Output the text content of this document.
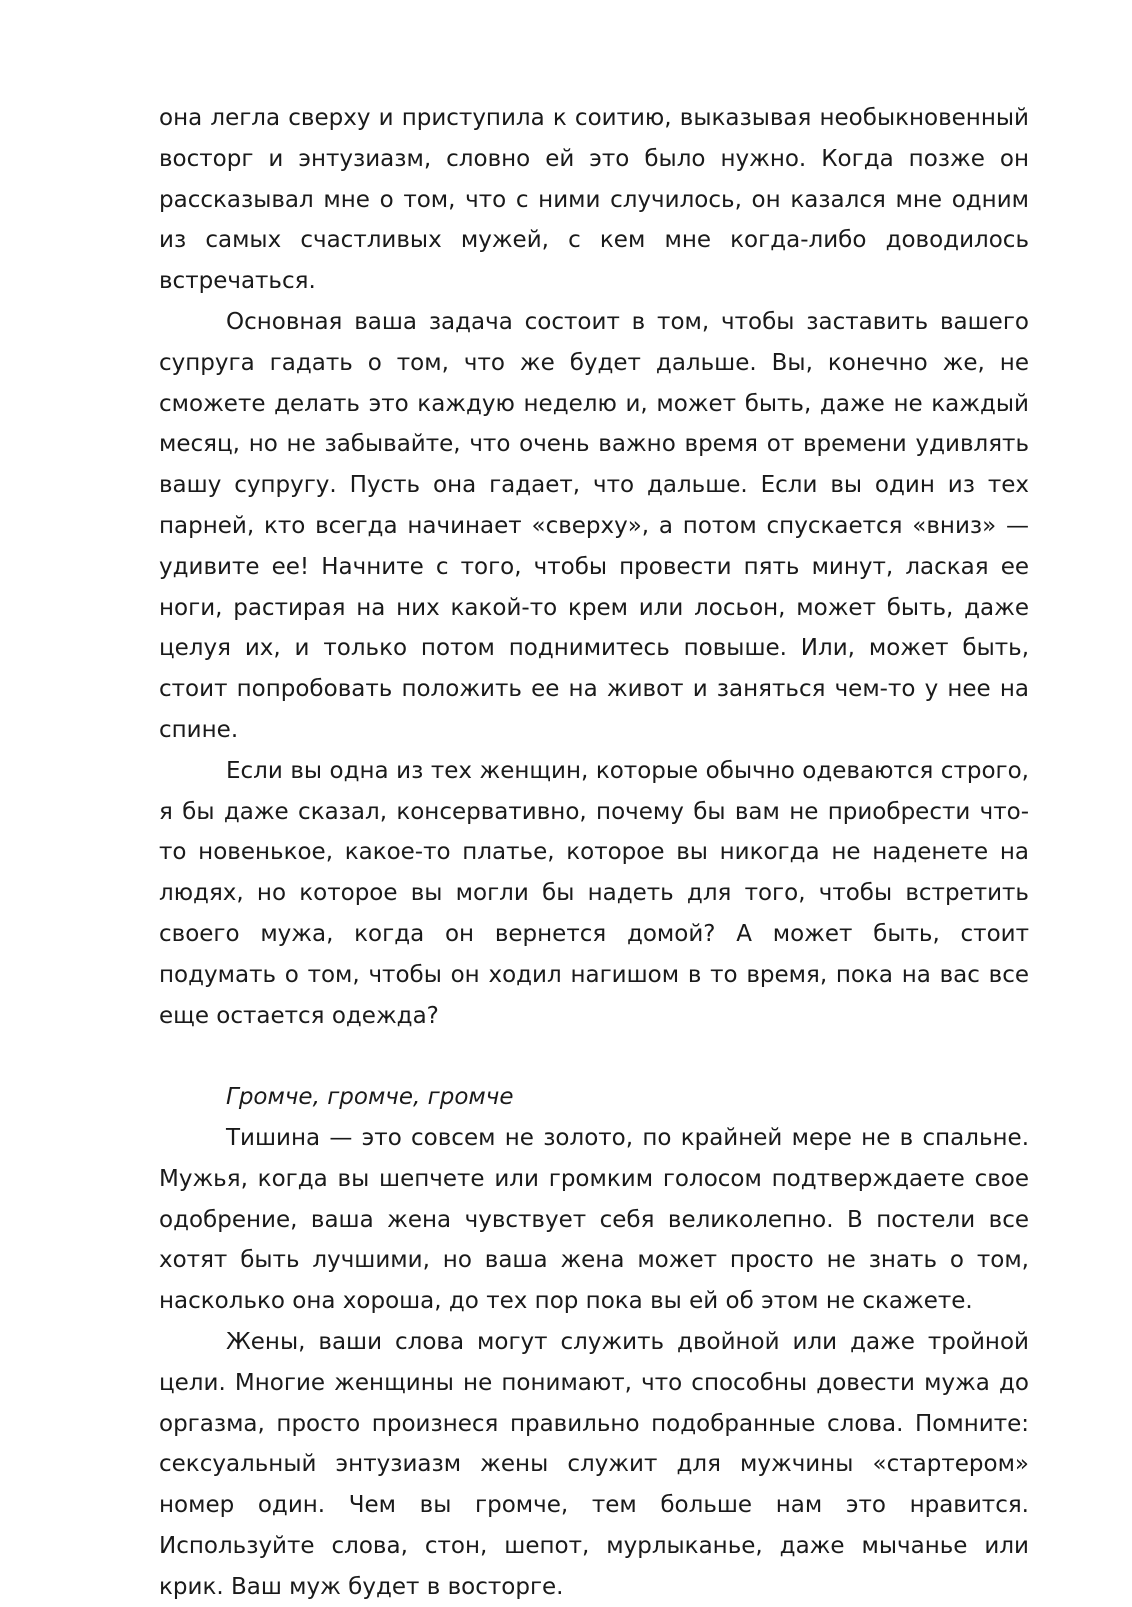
она легла сверху и приступила к соитию, выказывая необыкновенный восторг и энтузиазм, словно ей это было нужно. Когда позже он рассказывал мне о том, что с ними случилось, он казался мне одним из самых счастливых мужей, с кем мне когда-либо доводилось встречаться.

Основная ваша задача состоит в том, чтобы заставить вашего супруга гадать о том, что же будет дальше. Вы, конечно же, не сможете делать это каждую неделю и, может быть, даже не каждый месяц, но не забывайте, что очень важно время от времени удивлять вашу супругу. Пусть она гадает, что дальше. Если вы один из тех парней, кто всегда начинает «сверху», а потом спускается «вниз» — удивите ее! Начните с того, чтобы провести пять минут, лаская ее ноги, растирая на них какой-то крем или лосьон, может быть, даже целуя их, и только потом поднимитесь повыше. Или, может быть, стоит попробовать положить ее на живот и заняться чем-то у нее на спине.

Если вы одна из тех женщин, которые обычно одеваются строго, я бы даже сказал, консервативно, почему бы вам не приобрести что-то новенькое, какое-то платье, которое вы никогда не наденете на людях, но которое вы могли бы надеть для того, чтобы встретить своего мужа, когда он вернется домой? А может быть, стоит подумать о том, чтобы он ходил нагишом в то время, пока на вас все еще остается одежда?

Громче, громче, громче

Тишина — это совсем не золото, по крайней мере не в спальне. Мужья, когда вы шепчете или громким голосом подтверждаете свое одобрение, ваша жена чувствует себя великолепно. В постели все хотят быть лучшими, но ваша жена может просто не знать о том, насколько она хороша, до тех пор пока вы ей об этом не скажете.

Жены, ваши слова могут служить двойной или даже тройной цели. Многие женщины не понимают, что способны довести мужа до оргазма, просто произнеся правильно подобранные слова. Помните: сексуальный энтузиазм жены служит для мужчины «стартером» номер один. Чем вы громче, тем больше нам это нравится. Используйте слова, стон, шепот, мурлыканье, даже мычанье или крик. Ваш муж будет в восторге.
